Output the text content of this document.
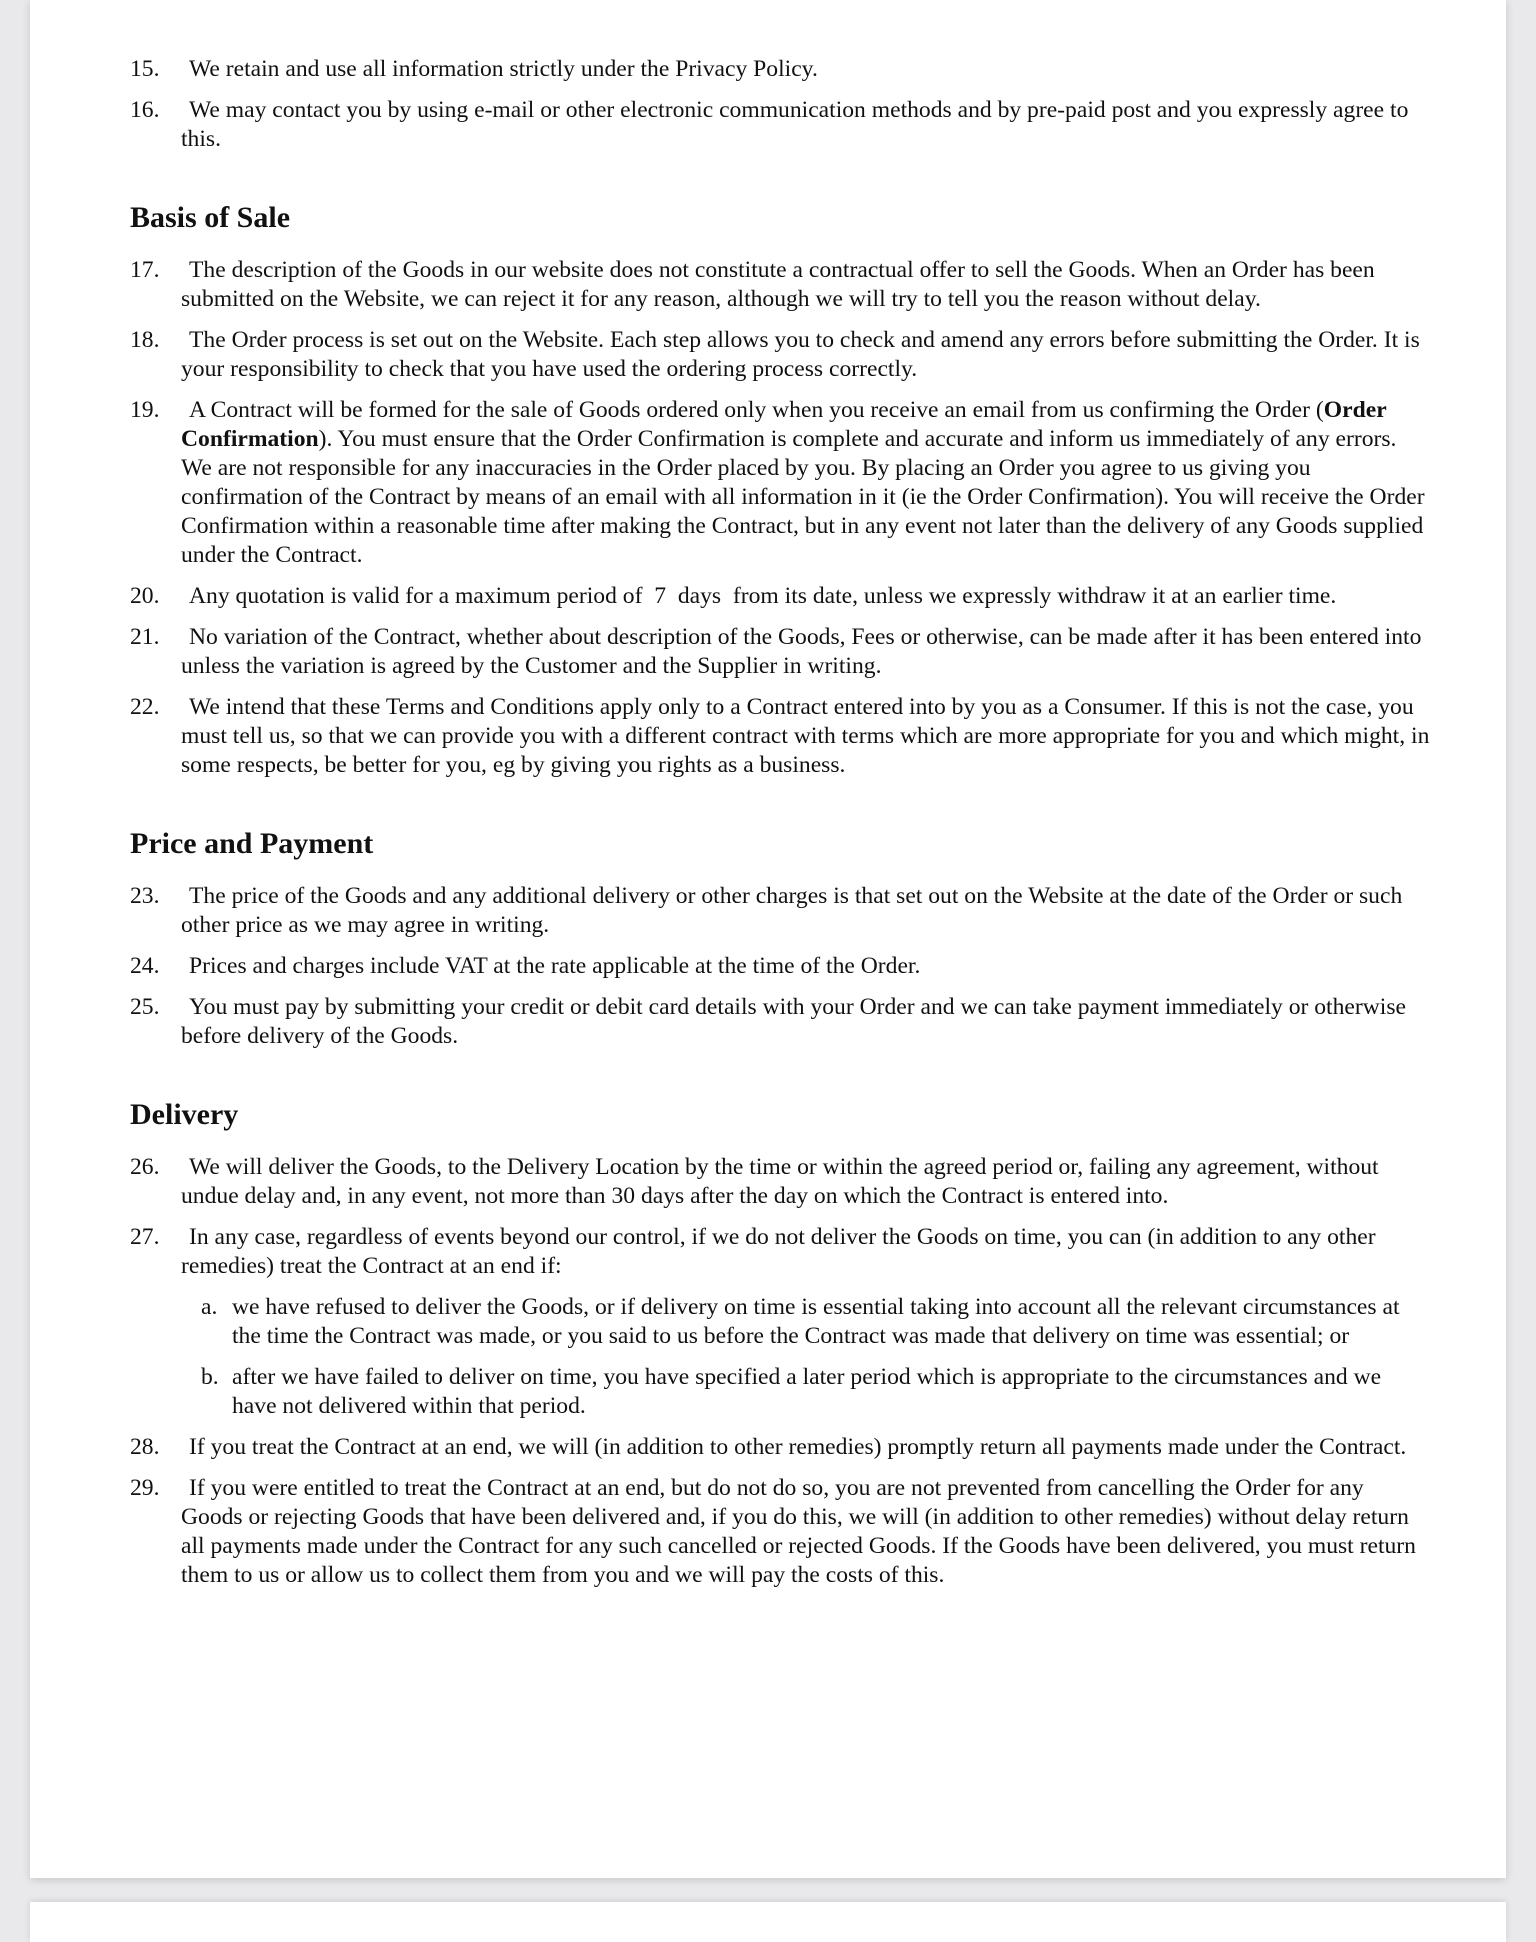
15.	We retain and use all information strictly under the Privacy Policy.
16.	We may contact you by using e-mail or other electronic communication methods and by pre-paid post and you expressly agree to this.
Basis of Sale
17.	The description of the Goods in our website does not constitute a contractual offer to sell the Goods. When an Order has been submitted on the Website, we can reject it for any reason, although we will try to tell you the reason without delay.
18.	The Order process is set out on the Website. Each step allows you to check and amend any errors before submitting the Order. It is your responsibility to check that you have used the ordering process correctly.
19.	A Contract will be formed for the sale of Goods ordered only when you receive an email from us confirming the Order (Order Confirmation). You must ensure that the Order Confirmation is complete and accurate and inform us immediately of any errors. We are not responsible for any inaccuracies in the Order placed by you. By placing an Order you agree to us giving you confirmation of the Contract by means of an email with all information in it (ie the Order Confirmation). You will receive the Order Confirmation within a reasonable time after making the Contract, but in any event not later than the delivery of any Goods supplied under the Contract.
20.	Any quotation is valid for a maximum period of  7  days  from its date, unless we expressly withdraw it at an earlier time.
21.	No variation of the Contract, whether about description of the Goods, Fees or otherwise, can be made after it has been entered into unless the variation is agreed by the Customer and the Supplier in writing.
22.	We intend that these Terms and Conditions apply only to a Contract entered into by you as a Consumer. If this is not the case, you must tell us, so that we can provide you with a different contract with terms which are more appropriate for you and which might, in some respects, be better for you, eg by giving you rights as a business.
Price and Payment
23.	The price of the Goods and any additional delivery or other charges is that set out on the Website at the date of the Order or such other price as we may agree in writing.
24.	Prices and charges include VAT at the rate applicable at the time of the Order.
25.	You must pay by submitting your credit or debit card details with your Order and we can take payment immediately or otherwise before delivery of the Goods.
Delivery
26.	We will deliver the Goods, to the Delivery Location by the time or within the agreed period or, failing any agreement, without undue delay and, in any event, not more than 30 days after the day on which the Contract is entered into.
27.	In any case, regardless of events beyond our control, if we do not deliver the Goods on time, you can (in addition to any other remedies) treat the Contract at an end if:
a. we have refused to deliver the Goods, or if delivery on time is essential taking into account all the relevant circumstances at the time the Contract was made, or you said to us before the Contract was made that delivery on time was essential; or
b. after we have failed to deliver on time, you have specified a later period which is appropriate to the circumstances and we have not delivered within that period.
28.	If you treat the Contract at an end, we will (in addition to other remedies) promptly return all payments made under the Contract.
29.	If you were entitled to treat the Contract at an end, but do not do so, you are not prevented from cancelling the Order for any Goods or rejecting Goods that have been delivered and, if you do this, we will (in addition to other remedies) without delay return all payments made under the Contract for any such cancelled or rejected Goods. If the Goods have been delivered, you must return them to us or allow us to collect them from you and we will pay the costs of this.
